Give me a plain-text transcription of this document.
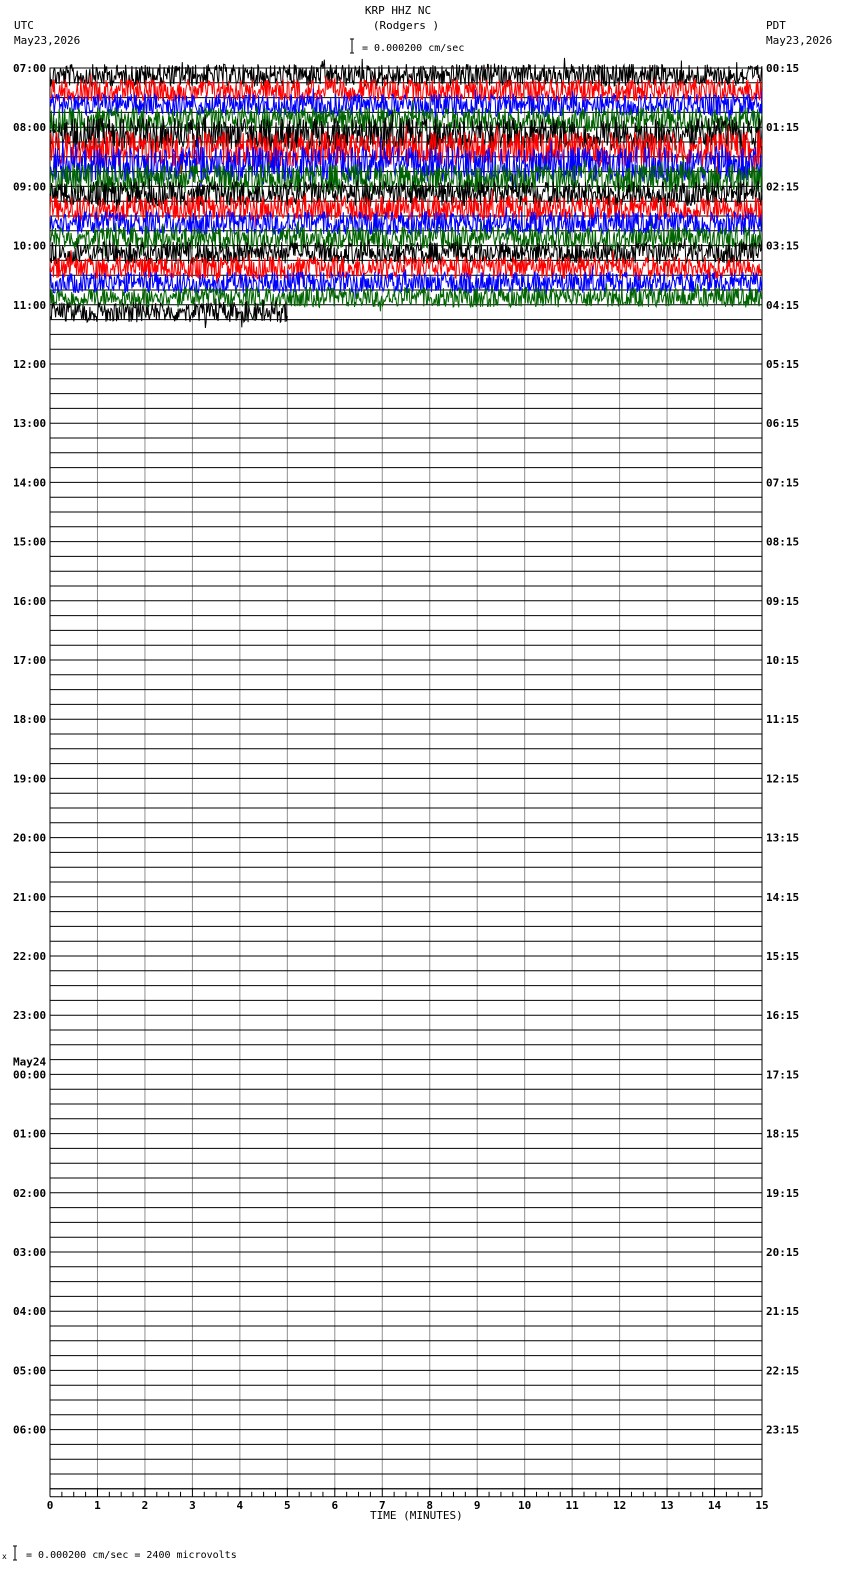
KRP HHZ NC
(Rodgers )
UTC
May23,2026
PDT
May23,2026
= 0.000200 cm/sec
07:00
08:00
09:00
10:00
11:00
12:00
13:00
14:00
15:00
16:00
17:00
18:00
19:00
20:00
21:00
22:00
23:00
00:00
May24
01:00
02:00
03:00
04:00
05:00
06:00
00:15
01:15
02:15
03:15
04:15
05:15
06:15
07:15
08:15
09:15
10:15
11:15
12:15
13:15
14:15
15:15
16:15
17:15
18:15
19:15
20:15
21:15
22:15
23:15
0	1	2	3	4	5	6	7	8	9	10	11	12	13	14	15
x
TIME (MINUTES)
= 0.000200 cm/sec = 2400 microvolts
